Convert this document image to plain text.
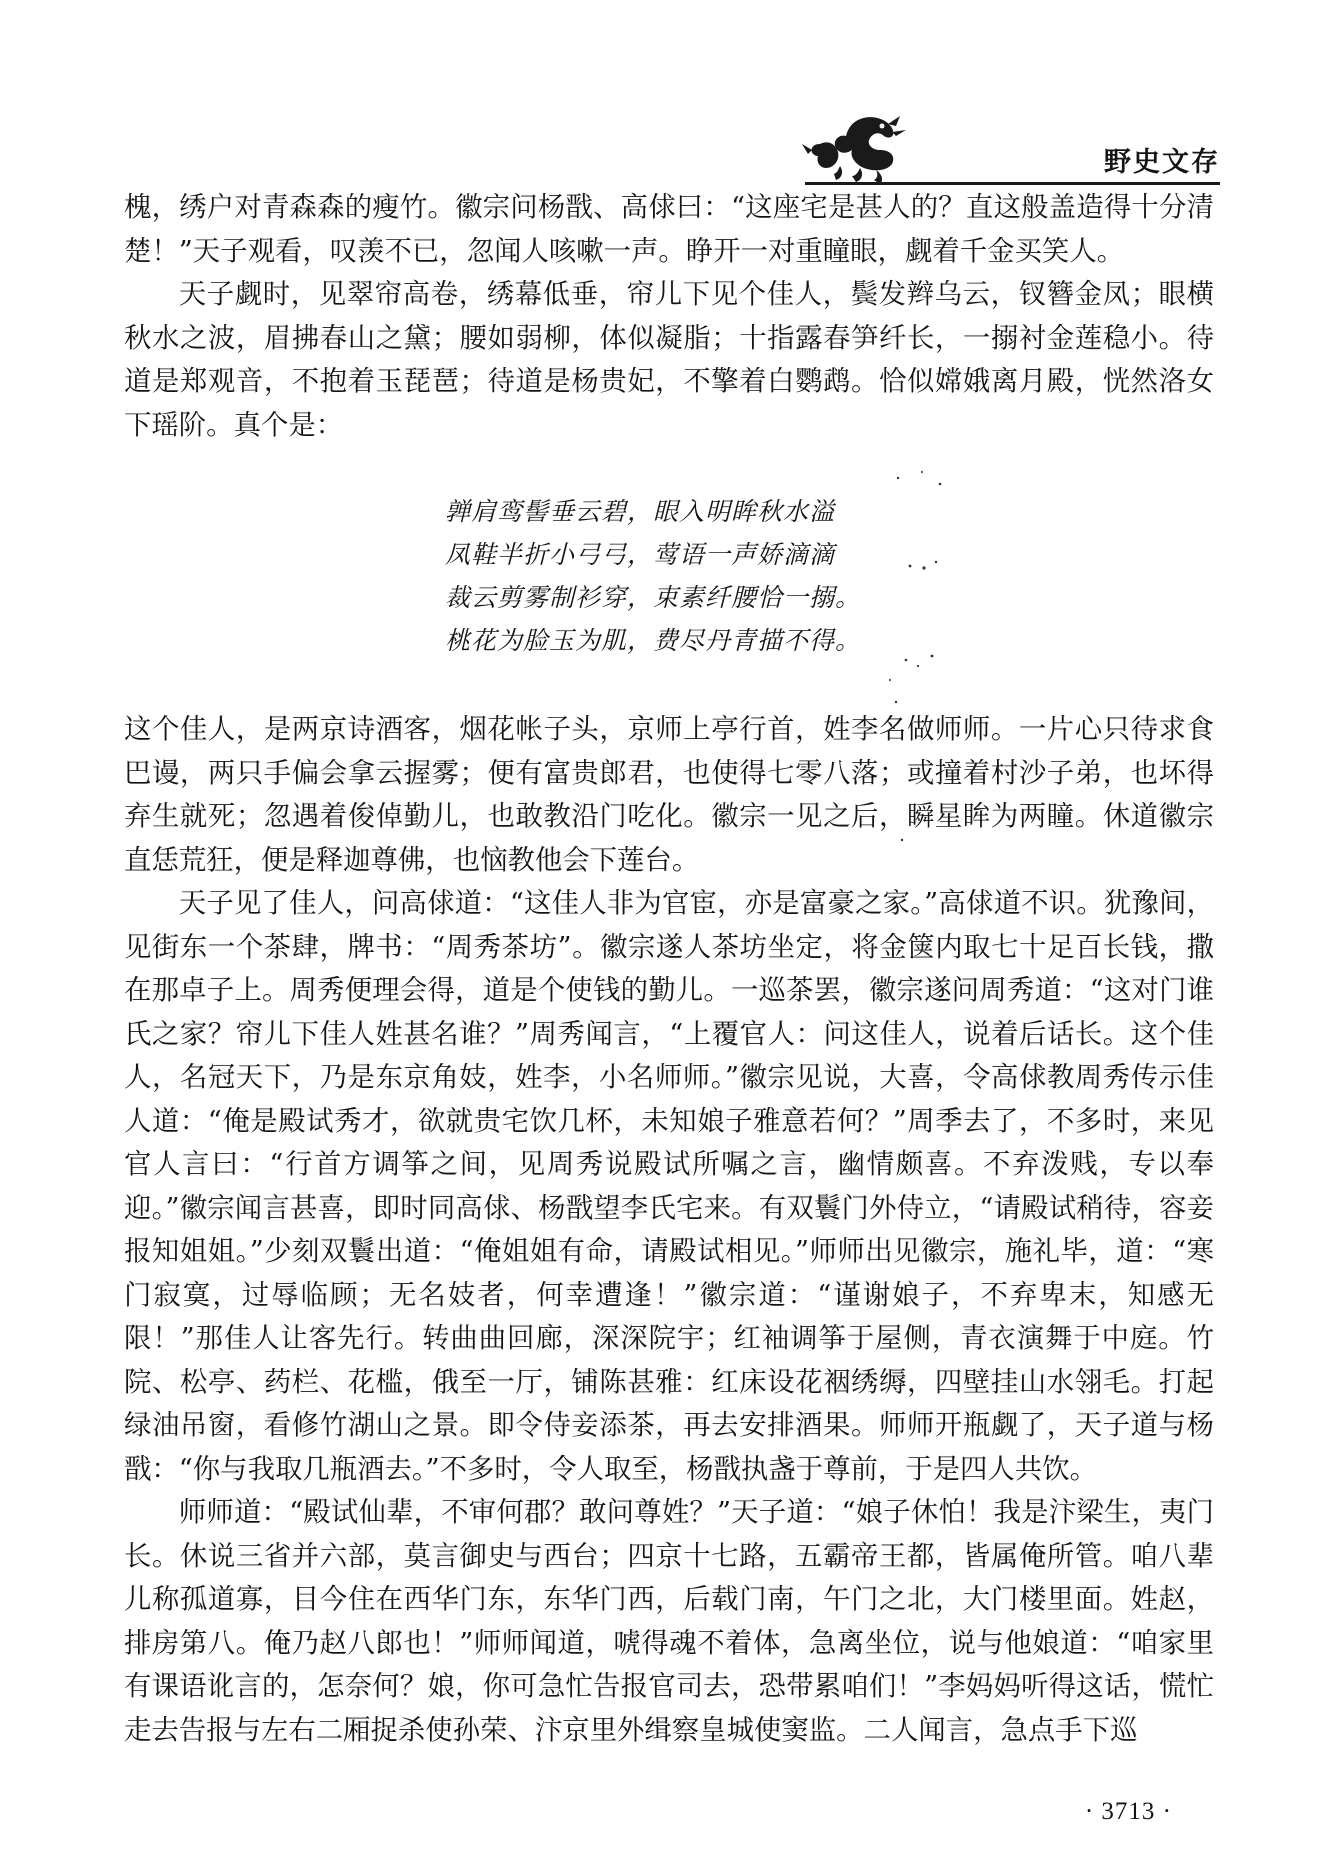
野史文存

槐，绣户对青森森的瘦竹。徽宗问杨戬、高俅曰：“这座宅是甚人的？直这般盖造得十分清楚！”天子观看，叹羡不已，忽闻人咳嗽一声。睁开一对重瞳眼，觑着千金买笑人。

天子觑时，见翠帘高卷，绣幕低垂，帘儿下见个佳人，鬓发辫乌云，钗簪金凤；眼横秋水之波，眉拂春山之黛；腰如弱柳，体似凝脂；十指露春笋纤长，一搦衬金莲稳小。待道是郑观音，不抱着玉琵琶；待道是杨贵妃，不擎着白鹦鹉。恰似嫦娥离月殿，恍然洛女下瑶阶。真个是：

亸肩鸾髻垂云碧，眼入明眸秋水溢
凤鞋半折小弓弓，莺语一声娇滴滴
裁云剪雾制衫穿，束素纤腰恰一搦。
桃花为脸玉为肌，费尽丹青描不得。

这个佳人，是两京诗酒客，烟花帐子头，京师上亭行首，姓李名做师师。一片心只待求食巴谩，两只手偏会拿云握雾；便有富贵郎君，也使得七零八落；或撞着村沙子弟，也坏得弃生就死；忽遇着俊倬勤儿，也敢教沿门吃化。徽宗一见之后，瞬星眸为两瞳。休道徽宗直恁荒狂，便是释迦尊佛，也恼教他会下莲台。

天子见了佳人，问高俅道：“这佳人非为官宦，亦是富豪之家。”高俅道不识。犹豫间，见街东一个茶肆，牌书：“周秀茶坊”。徽宗遂人茶坊坐定，将金箧内取七十足百长钱，撒在那卓子上。周秀便理会得，道是个使钱的勤儿。一巡茶罢，徽宗遂问周秀道：“这对门谁氏之家？帘儿下佳人姓甚名谁？”周秀闻言，“上覆官人：问这佳人，说着后话长。这个佳人，名冠天下，乃是东京角妓，姓李，小名师师。”徽宗见说，大喜，令高俅教周秀传示佳人道：“俺是殿试秀才，欲就贵宅饮几杯，未知娘子雅意若何？”周季去了，不多时，来见官人言曰：“行首方调筝之间，见周秀说殿试所嘱之言，幽情颇喜。不弃泼贱，专以奉迎。”徽宗闻言甚喜，即时同高俅、杨戬望李氏宅来。有双鬟门外侍立，“请殿试稍待，容妾报知姐姐。”少刻双鬟出道：“俺姐姐有命，请殿试相见。”师师出见徽宗，施礼毕，道：“寒门寂寞，过辱临顾；无名妓者，何幸遭逢！”徽宗道：“谨谢娘子，不弃卑末，知感无限！”那佳人让客先行。转曲曲回廊，深深院宇；红袖调筝于屋侧，青衣演舞于中庭。竹院、松亭、药栏、花槛，俄至一厅，铺陈甚雅：红床设花裀绣缛，四壁挂山水翎毛。打起绿油吊窗，看修竹湖山之景。即令侍妾添茶，再去安排酒果。师师开瓶觑了，天子道与杨戬：“你与我取几瓶酒去。”不多时，令人取至，杨戬执盏于尊前，于是四人共饮。

师师道：“殿试仙辈，不审何郡？敢问尊姓？”天子道：“娘子休怕！我是汴梁生，夷门长。休说三省并六部，莫言御史与西台；四京十七路，五霸帝王都，皆属俺所管。咱八辈儿称孤道寡，目今住在西华门东，东华门西，后载门南，午门之北，大门楼里面。姓赵，排房第八。俺乃赵八郎也！”师师闻道，唬得魂不着体，急离坐位，说与他娘道：“咱家里有课语讹言的，怎奈何？娘，你可急忙告报官司去，恐带累咱们！”李妈妈听得这话，慌忙走去告报与左右二厢捉杀使孙荣、汴京里外缉察皇城使窦监。二人闻言，急点手下巡

· 3713 ·
